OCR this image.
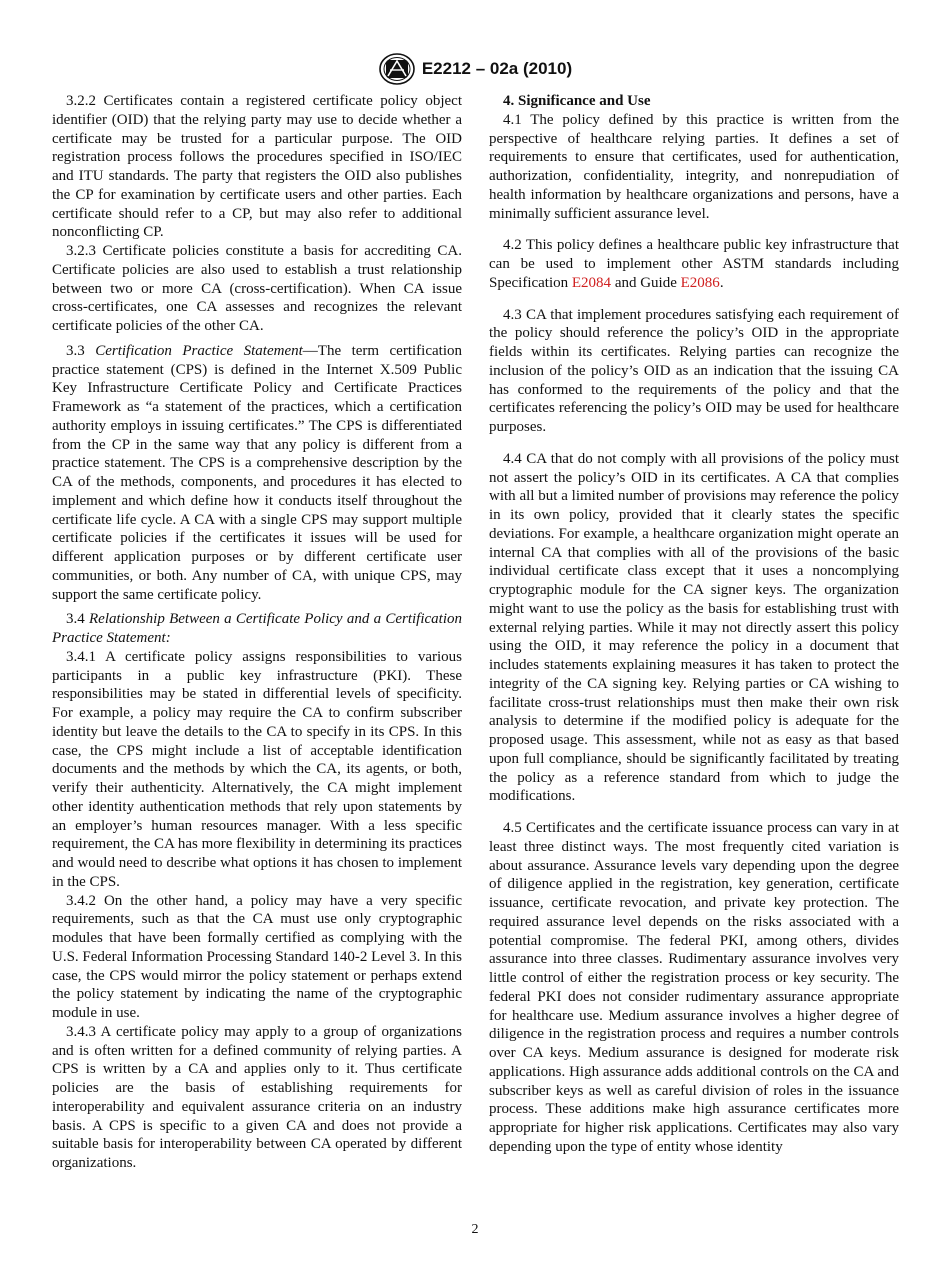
E2212 – 02a (2010)

3.2.2 Certificates contain a registered certificate policy object identifier (OID) that the relying party may use to decide whether a certificate may be trusted for a particular purpose. The OID registration process follows the procedures specified in ISO/IEC and ITU standards. The party that registers the OID also publishes the CP for examination by certificate users and other parties. Each certificate should refer to a CP, but may also refer to additional nonconflicting CP.

3.2.3 Certificate policies constitute a basis for accrediting CA. Certificate policies are also used to establish a trust relationship between two or more CA (cross-certification). When CA issue cross-certificates, one CA assesses and recognizes the relevant certificate policies of the other CA.

3.3 Certification Practice Statement—The term certification practice statement (CPS) is defined in the Internet X.509 Public Key Infrastructure Certificate Policy and Certificate Practices Framework as “a statement of the practices, which a certification authority employs in issuing certificates.” The CPS is differentiated from the CP in the same way that any policy is different from a practice statement. The CPS is a comprehensive description by the CA of the methods, components, and procedures it has elected to implement and which define how it conducts itself throughout the certificate life cycle. A CA with a single CPS may support multiple certificate policies if the certificates it issues will be used for different application purposes or by different certificate user communities, or both. Any number of CA, with unique CPS, may support the same certificate policy.

3.4 Relationship Between a Certificate Policy and a Certification Practice Statement:

3.4.1 A certificate policy assigns responsibilities to various participants in a public key infrastructure (PKI). These responsibilities may be stated in differential levels of specificity. For example, a policy may require the CA to confirm subscriber identity but leave the details to the CA to specify in its CPS. In this case, the CPS might include a list of acceptable identification documents and the methods by which the CA, its agents, or both, verify their authenticity. Alternatively, the CA might implement other identity authentication methods that rely upon statements by an employer’s human resources manager. With a less specific requirement, the CA has more flexibility in determining its practices and would need to describe what options it has chosen to implement in the CPS.

3.4.2 On the other hand, a policy may have a very specific requirements, such as that the CA must use only cryptographic modules that have been formally certified as complying with the U.S. Federal Information Processing Standard 140-2 Level 3. In this case, the CPS would mirror the policy statement or perhaps extend the policy statement by indicating the name of the cryptographic module in use.

3.4.3 A certificate policy may apply to a group of organizations and is often written for a defined community of relying parties. A CPS is written by a CA and applies only to it. Thus certificate policies are the basis of establishing requirements for interoperability and equivalent assurance criteria on an industry basis. A CPS is specific to a given CA and does not provide a suitable basis for interoperability between CA operated by different organizations.

4. Significance and Use

4.1 The policy defined by this practice is written from the perspective of healthcare relying parties. It defines a set of requirements to ensure that certificates, used for authentication, authorization, confidentiality, integrity, and nonrepudiation of health information by healthcare organizations and persons, have a minimally sufficient assurance level.

4.2 This policy defines a healthcare public key infrastructure that can be used to implement other ASTM standards including Specification E2084 and Guide E2086.

4.3 CA that implement procedures satisfying each requirement of the policy should reference the policy’s OID in the appropriate fields within its certificates. Relying parties can recognize the inclusion of the policy’s OID as an indication that the issuing CA has conformed to the requirements of the policy and that the certificates referencing the policy’s OID may be used for healthcare purposes.

4.4 CA that do not comply with all provisions of the policy must not assert the policy’s OID in its certificates. A CA that complies with all but a limited number of provisions may reference the policy in its own policy, provided that it clearly states the specific deviations. For example, a healthcare organization might operate an internal CA that complies with all of the provisions of the basic individual certificate class except that it uses a noncomplying cryptographic module for the CA signer keys. The organization might want to use the policy as the basis for establishing trust with external relying parties. While it may not directly assert this policy using the OID, it may reference the policy in a document that includes statements explaining measures it has taken to protect the integrity of the CA signing key. Relying parties or CA wishing to facilitate cross-trust relationships must then make their own risk analysis to determine if the modified policy is adequate for the proposed usage. This assessment, while not as easy as that based upon full compliance, should be significantly facilitated by treating the policy as a reference standard from which to judge the modifications.

4.5 Certificates and the certificate issuance process can vary in at least three distinct ways. The most frequently cited variation is about assurance. Assurance levels vary depending upon the degree of diligence applied in the registration, key generation, certificate issuance, certificate revocation, and private key protection. The required assurance level depends on the risks associated with a potential compromise. The federal PKI, among others, divides assurance into three classes. Rudimentary assurance involves very little control of either the registration process or key security. The federal PKI does not consider rudimentary assurance appropriate for healthcare use. Medium assurance involves a higher degree of diligence in the registration process and requires a number controls over CA keys. Medium assurance is designed for moderate risk applications. High assurance adds additional controls on the CA and subscriber keys as well as careful division of roles in the issuance process. These additions make high assurance certificates more appropriate for higher risk applications. Certificates may also vary depending upon the type of entity whose identity

2
